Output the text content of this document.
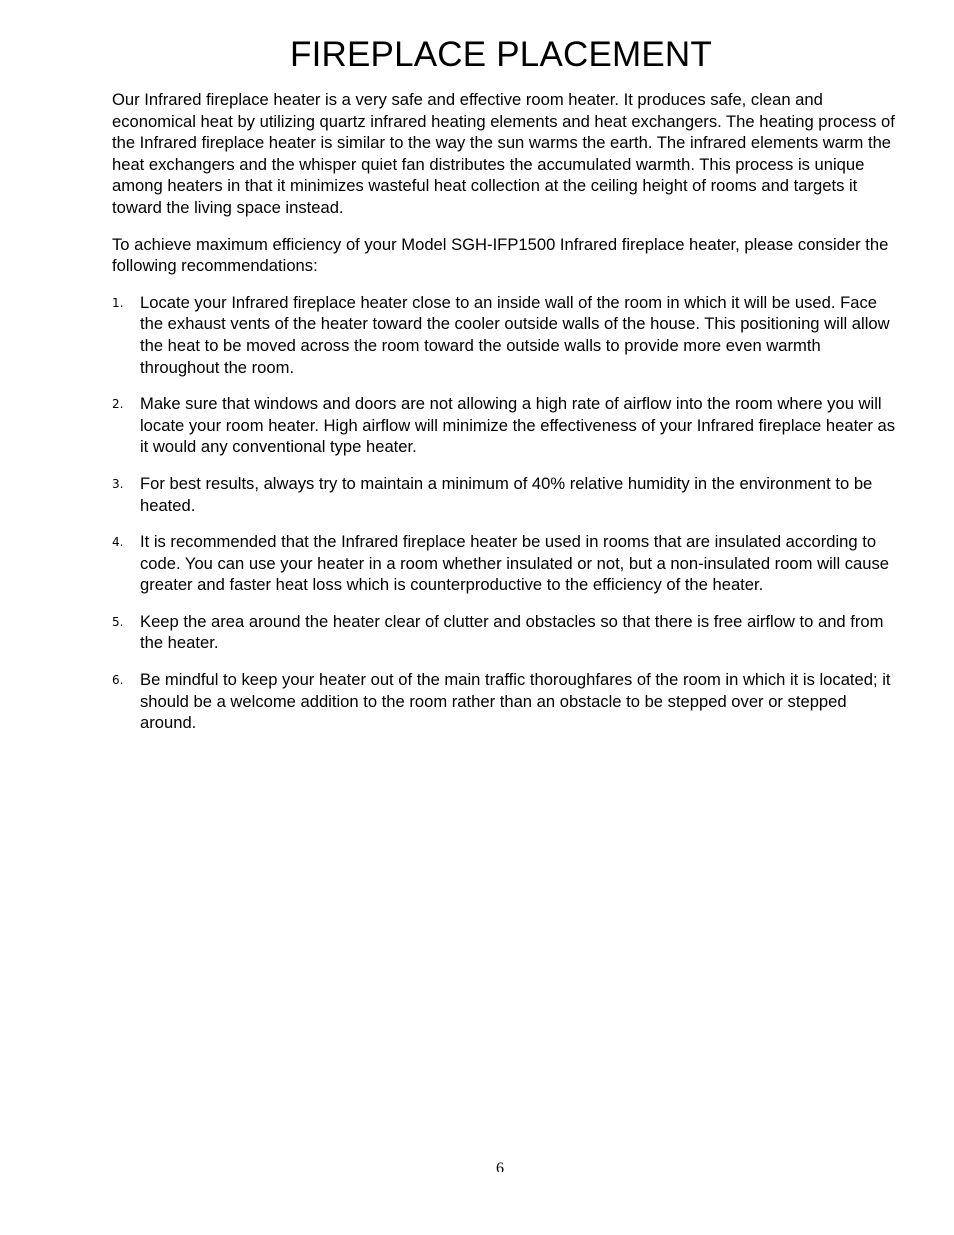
FIREPLACE PLACEMENT

Our Infrared fireplace heater is a very safe and effective room heater. It produces safe, clean and economical heat by utilizing quartz infrared heating elements and heat exchangers. The heating process of the Infrared fireplace heater is similar to the way the sun warms the earth. The infrared elements warm the heat exchangers and the whisper quiet fan distributes the accumulated warmth. This process is unique among heaters in that it minimizes wasteful heat collection at the ceiling height of rooms and targets it toward the living space instead.

To achieve maximum efficiency of your Model SGH-IFP1500 Infrared fireplace heater, please consider the following recommendations:

1. Locate your Infrared fireplace heater close to an inside wall of the room in which it will be used. Face the exhaust vents of the heater toward the cooler outside walls of the house. This positioning will allow the heat to be moved across the room toward the outside walls to provide more even warmth throughout the room.
2. Make sure that windows and doors are not allowing a high rate of airflow into the room where you will locate your room heater. High airflow will minimize the effectiveness of your Infrared fireplace heater as it would any conventional type heater.
3. For best results, always try to maintain a minimum of 40% relative humidity in the environment to be heated.
4. It is recommended that the Infrared fireplace heater be used in rooms that are insulated according to code. You can use your heater in a room whether insulated or not, but a non-insulated room will cause greater and faster heat loss which is counterproductive to the efficiency of the heater.
5. Keep the area around the heater clear of clutter and obstacles so that there is free airflow to and from the heater.
6. Be mindful to keep your heater out of the main traffic thoroughfares of the room in which it is located; it should be a welcome addition to the room rather than an obstacle to be stepped over or stepped around.
6
